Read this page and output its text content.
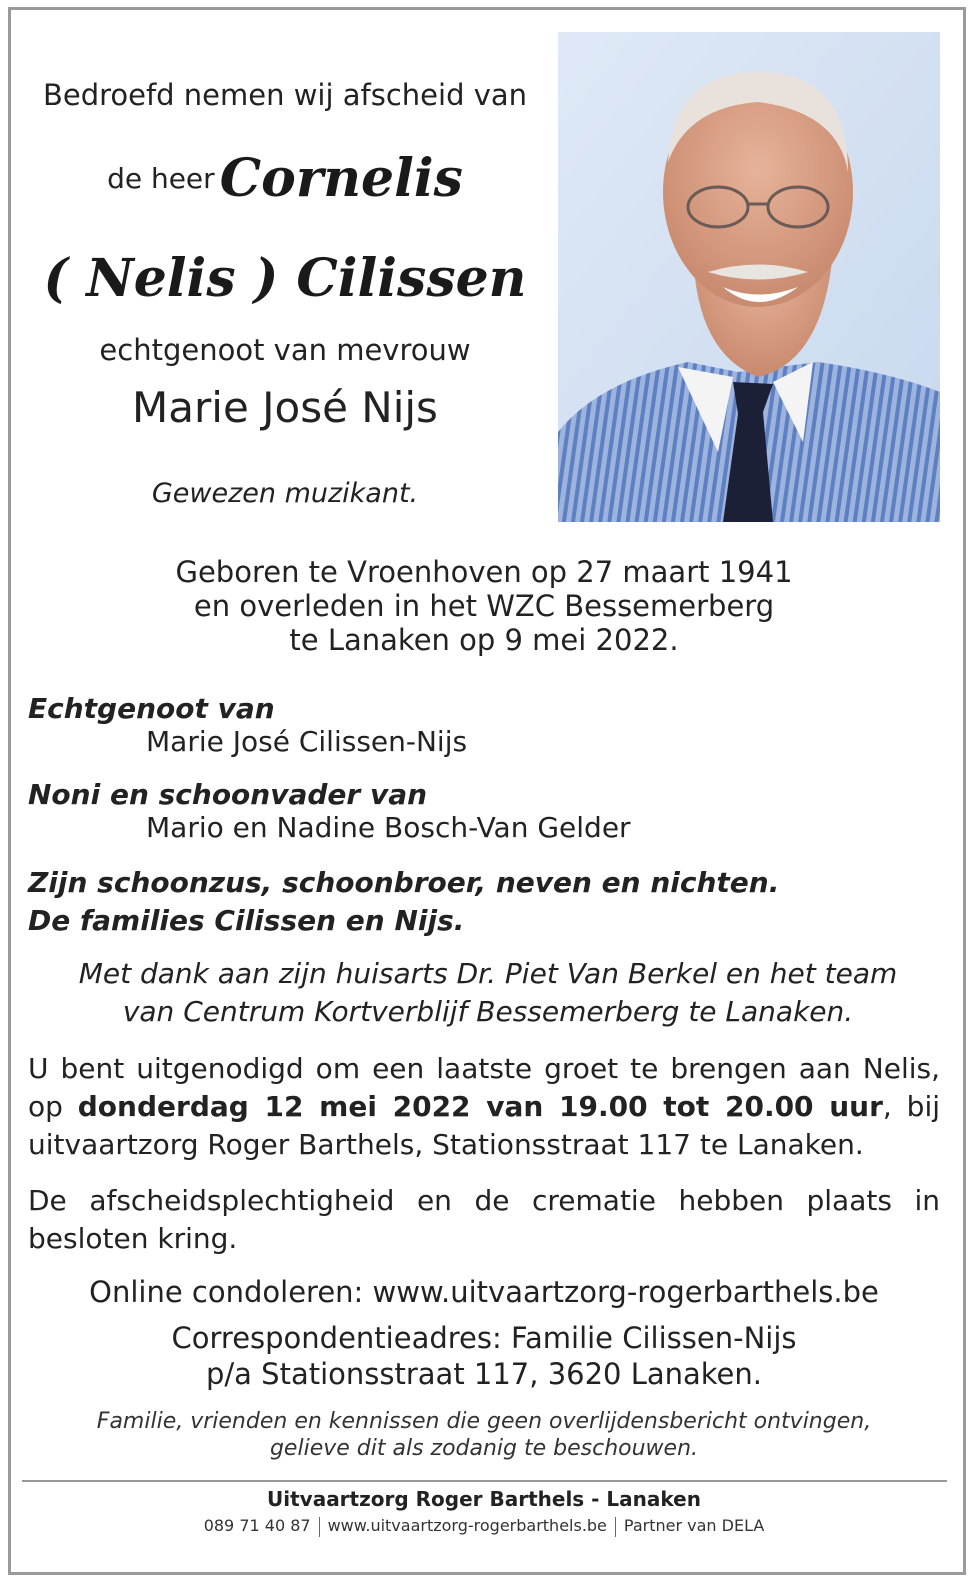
Bedroefd nemen wij afscheid van
de heer Cornelis
( Nelis ) Cilissen
echtgenoot van mevrouw
Marie José Nijs
Gewezen muzikant.
Geboren te Vroenhoven op 27 maart 1941
en overleden in het WZC Bessemerberg
te Lanaken op 9 mei 2022.
Echtgenoot van
Marie José Cilissen-Nijs
Noni en schoonvader van
Mario en Nadine Bosch-Van Gelder
Zijn schoonzus, schoonbroer, neven en nichten.
De families Cilissen en Nijs.
Met dank aan zijn huisarts Dr. Piet Van Berkel en het team
van Centrum Kortverblijf Bessemerberg te Lanaken.
U bent uitgenodigd om een laatste groet te brengen aan Nelis, op donderdag 12 mei 2022 van 19.00 tot 20.00 uur, bij uitvaartzorg Roger Barthels, Stationsstraat 117 te Lanaken.
De afscheidsplechtigheid en de crematie hebben plaats in besloten kring.
Online condoleren: www.uitvaartzorg-rogerbarthels.be
Correspondentieadres: Familie Cilissen-Nijs
p/a Stationsstraat 117, 3620 Lanaken.
Familie, vrienden en kennissen die geen overlijdensbericht ontvingen,
gelieve dit als zodanig te beschouwen.
Uitvaartzorg Roger Barthels - Lanaken
089 71 40 87 www.uitvaartzorg-rogerbarthels.be Partner van DELA
